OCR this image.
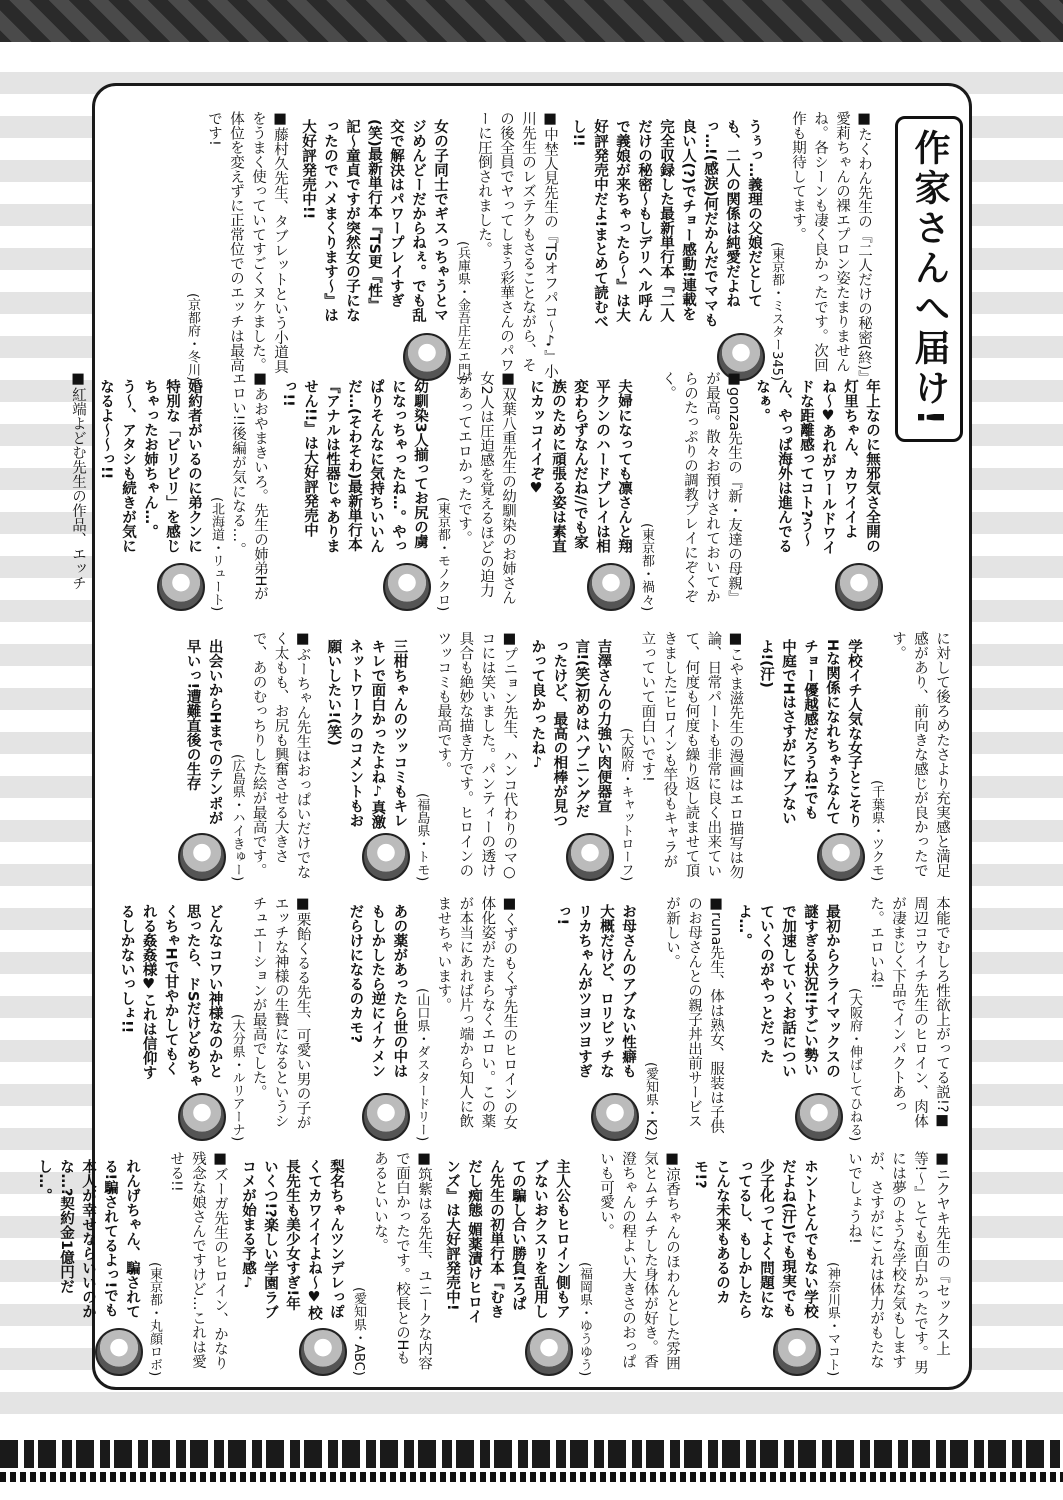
作家さんへ届け!
■たくわん先生の『二人だけの秘密(終)』愛莉ちゃんの裸エプロン姿たまりませんね。各シーンも凄く良かったです。次回作も期待してます。
(東京都・ミスター345)
うぅっ…義理の父娘だとしても、二人の関係は純愛だよねっ…!(感涙)何だかんだでママも良い人(?)でチョー感動!連載を完全収録した最新単行本『二人だけの秘密〜もしデリヘル呼んで義娘が来ちゃったら〜』は大好評発売中だよ!まとめて読むべし!!
■中埜人見先生の『TSオフパコ〜♪』小川先生のレズテクもさることながら、その後全員でヤってしまう彩華さんのパワーに圧倒されました。
(兵庫県・金吾庄左エ門)
女の子同士でギスっちゃうとマジめんどーだからねぇ。でも乱交で解決はパワープレイすぎ(笑)最新単行本『TS更『性』記〜童貞ですが突然女の子になったのでハメまくります〜』は大好評発売中!!
■藤村久先生、タブレットという小道具をうまく使っていてすごくヌケました。体位を変えずに正常位でのエッチは最高です!
(京都府・冬川)
年上なのに無邪気さ全開の灯里ちゃん、カワイイよね〜♥あれがワールドワイドな距離感ってコト?う〜ん、やっぱ海外は進んでるなぁ。
■gonza先生の『新・友達の母親』が最高。散々お預けされておいてからのたっぷりの調教プレイにぞくぞく。
(東京都・禍々)
夫婦になっても凛さんと翔平クンのハードプレイは相変わらずなんだね//でも家族のために頑張る姿は素直にカッコイイぞ♥
■双葉八重先生の幼馴染のお姉さん女2人は圧迫感を覚えるほどの迫力があってエロかったです。
(東京都・モノクロ)
幼馴染3人揃ってお尻の虜になっちゃったね…。やっぱりそんなに気持ちいいんだ…(そわそわ)最新単行本『アナルは性器じゃありません!!』は大好評発売中っ!!
■あおやまきいろ。先生の姉弟Hがエロい!!後編が気になる…。
(北海道・リュート)
婚約者がいるのに弟クンに特別な「ビリビリ」を感じちゃったお姉ちゃん…。う〜、アタシも続きが気になるよ〜〜っ!!
■紅端よどむ先生の作品、エッチ
に対して後ろめたさより充実感と満足感があり、前向きな感じが良かったです。
(千葉県・ツクモ)
学校イチ人気な女子とこそりHな関係になれちゃうなんてチョー優越感だろうね!でも中庭でHはさすがにアブないよ!(汗)
■こやま滋先生の漫画はエロ描写は勿論、日常パートも非常に良く出来ていて、何度も何度も繰り返し読ませて頂きました!ヒロインも竿役もキャラが立っていて面白いです!
(大阪府・キャットローフ)
吉澤さんの力強い肉便器宣言!(笑)初めはハプニングだったけど、最高の相棒が見つかって良かったね♪
■プニョン先生、ハンコ代わりのマ○コには笑いました。パンティーの透け具合も絶妙な描き方です。ヒロインのツッコミも最高です。
(福島県・トモ)
三柑ちゃんのツッコミもキレキレで面白かったよね♪真激ネットワークのコメントもお願いしたい!(笑)
■ぶーちゃん先生はおっぱいだけでなく太もも、お尻も興奮させる大きさで、あのむっちりした絵が最高です。
(広島県・ハイきゅー)
出会いからHまでのテンポが早いっ!遭難直後の生存
本能でむしろ性欲上がってる説!?■周辺コウイチ先生のヒロイン、肉体が凄まじく下品でインパクトあった。エロいね!
(大阪府・伸ばしてひねる)
最初からクライマックスの謎すぎる状況!!すごい勢いで加速していくお話についていくのがやっとだったよ…。
■runa先生、体は熟女、服装は子供のお母さんとの親子丼出前サービスが新しい。
(愛知県・K2)
お母さんのアブない性癖も大概だけど、ロリビッチなリカちゃんがツヨツヨすぎっ!
■くずのもくず先生のヒロインの女体化姿がたまらなくエロい。この薬が本当にあれば片っ端から知人に飲ませちゃいます。
(山口県・ダスタードリー)
あの薬があったら世の中はもしかしたら逆にイケメンだらけになるのカモ?
■栗飴くるる先生、可愛い男の子がエッチな神様の生贄になるというシチュエーションが最高でした。
(大分県・ルリアーナ)
どんなコワい神様なのかと思ったら、ドSだけどめちゃくちゃHで甘やかしてもくれる姦姦様♥これは信仰するしかないっしょ!!
■ニクヤキ先生の『セックス上等!〜』とても面白かったです。男には夢のような学校な気もしますが、さすがにこれは体力がもたないでしょうね!
(神奈川県・マコト)
ホントとんでもない学校だよね(汗)でも現実でも少子化ってよく問題になってるし、もしかしたらこんな未来もあるのカモ!?
■涼香ちゃんのほわんとした雰囲気とムチムチした身体が好き。香澄ちゃんの程よい大きさのおっぱいも可愛い。
(福岡県・ゆうゆう)
主人公もヒロイン側もアブないおクスリを乱用しての騙し合い勝負!ろぱん先生の初単行本『むきだし痴態 媚薬漬けヒロインズ』は大好評発売中!
■筑紫はる先生、ユニークな内容で面白かったです。校長とのHもあるといいな。
(愛知県・ABC)
梨名ちゃんツンデレっぽくてカワイイよね〜♥校長先生も美少女すぎ!年いくつ!?楽しい学園ラブコメが始まる予感♪
■ズーガ先生のヒロイン、かなり残念な娘さんですけど…これは愛せる!!
(東京都・丸顔ロボ)
れんげちゃん、騙されてる!騙されてるよっ!でも本人が幸せならいいのかな…?契約金1億円だし…。
